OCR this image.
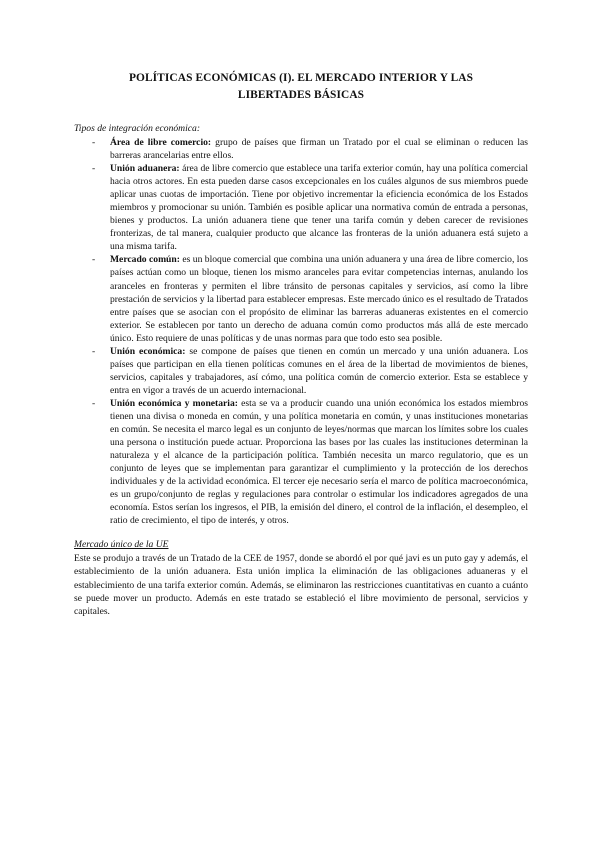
POLÍTICAS ECONÓMICAS (I). EL MERCADO INTERIOR Y LAS
LIBERTADES BÁSICAS
Tipos de integración económica:
- Área de libre comercio: grupo de países que firman un Tratado por el cual se eliminan o reducen las barreras arancelarias entre ellos.
- Unión aduanera: área de libre comercio que establece una tarifa exterior común, hay una política comercial hacia otros actores. En esta pueden darse casos excepcionales en los cuáles algunos de sus miembros puede aplicar unas cuotas de importación. Tiene por objetivo incrementar la eficiencia económica de los Estados miembros y promocionar su unión. También es posible aplicar una normativa común de entrada a personas, bienes y productos. La unión aduanera tiene que tener una tarifa común y deben carecer de revisiones fronterizas, de tal manera, cualquier producto que alcance las fronteras de la unión aduanera está sujeto a una misma tarifa.
- Mercado común: es un bloque comercial que combina una unión aduanera y una área de libre comercio, los países actúan como un bloque, tienen los mismo aranceles para evitar competencias internas, anulando los aranceles en fronteras y permiten el libre tránsito de personas capitales y servicios, así como la libre prestación de servicios y la libertad para establecer empresas. Este mercado único es el resultado de Tratados entre países que se asocian con el propósito de eliminar las barreras aduaneras existentes en el comercio exterior. Se establecen por tanto un derecho de aduana común como productos más allá de este mercado único. Esto requiere de unas políticas y de unas normas para que todo esto sea posible.
- Unión económica: se compone de países que tienen en común un mercado y una unión aduanera. Los países que participan en ella tienen políticas comunes en el área de la libertad de movimientos de bienes, servicios, capitales y trabajadores, así cómo, una política común de comercio exterior. Esta se establece y entra en vigor a través de un acuerdo internacional.
- Unión económica y monetaria: esta se va a producir cuando una unión económica los estados miembros tienen una divisa o moneda en común, y una política monetaria en común, y unas instituciones monetarias en común. Se necesita el marco legal es un conjunto de leyes/normas que marcan los límites sobre los cuales una persona o institución puede actuar. Proporciona las bases por las cuales las instituciones determinan la naturaleza y el alcance de la participación política. También necesita un marco regulatorio, que es un conjunto de leyes que se implementan para garantizar el cumplimiento y la protección de los derechos individuales y de la actividad económica. El tercer eje necesario sería el marco de política macroeconómica, es un grupo/conjunto de reglas y regulaciones para controlar o estimular los indicadores agregados de una economía. Estos serían los ingresos, el PIB, la emisión del dinero, el control de la inflación, el desempleo, el ratio de crecimiento, el tipo de interés, y otros.
Mercado único de la UE

Este se produjo a través de un Tratado de la CEE de 1957, donde se abordó el por qué javi es un puto gay y además, el establecimiento de la unión aduanera. Esta unión implica la eliminación de las obligaciones aduaneras y el establecimiento de una tarifa exterior común. Además, se eliminaron las restricciones cuantitativas en cuanto a cuánto se puede mover un producto. Además en este tratado se estableció el libre movimiento de personal, servicios y capitales.
